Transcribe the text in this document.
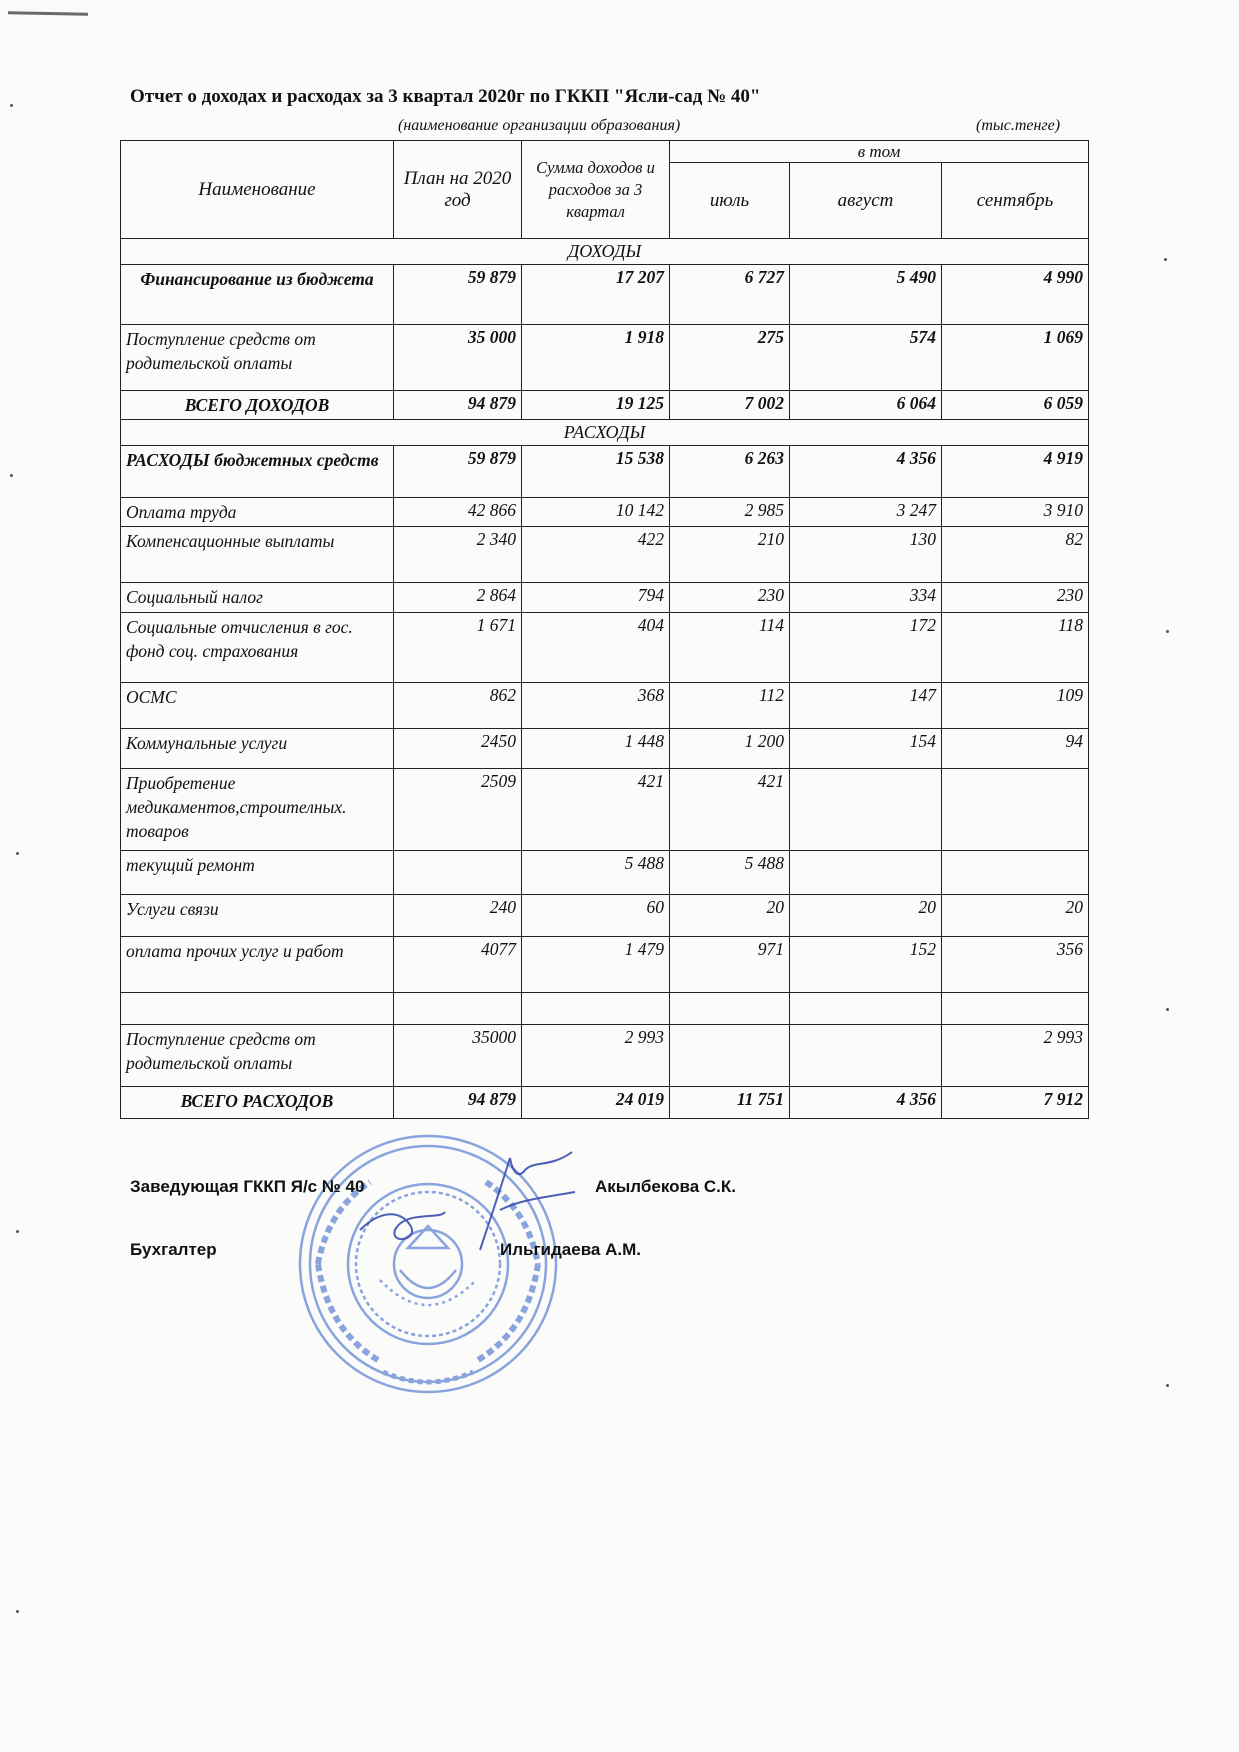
Отчет о доходах и расходах за 3 квартал 2020г по ГККП "Ясли-сад № 40"
(наименование организации образования)	(тыс.тенге)
Наименование	План на 2020 год	Сумма доходов и расходов за 3 квартал	в том		
			июль	август	сентябрь
ДОХОДЫ					
Финансирование из бюджета	59 879	17 207	6 727	5 490	4 990
Поступление средств от родительской оплаты	35 000	1 918	275	574	1 069
ВСЕГО ДОХОДОВ	94 879	19 125	7 002	6 064	6 059
РАСХОДЫ					
РАСХОДЫ бюджетных средств	59 879	15 538	6 263	4 356	4 919
Оплата труда	42 866	10 142	2 985	3 247	3 910
Компенсационные выплаты	2 340	422	210	130	82
Социальный налог	2 864	794	230	334	230
Социальные отчисления в гос. фонд соц. страхования	1 671	404	114	172	118
ОСМС	862	368	112	147	109
Коммунальные услуги	2450	1 448	1 200	154	94
Приобретение медикаментов,строителных. товаров	2509	421	421		
текущий ремонт		5 488	5 488		
Услуги связи	240	60	20	20	20
оплата прочих услуг и работ	4077	1 479	971	152	356

Поступление средств от родительской оплаты	35000	2 993			2 993
ВСЕГО РАСХОДОВ	94 879	24 019	11 751	4 356	7 912
Заведующая ГККП Я/с № 40	Акылбекова С.К.
Бухгалтер	Ильгидаева А.М.
